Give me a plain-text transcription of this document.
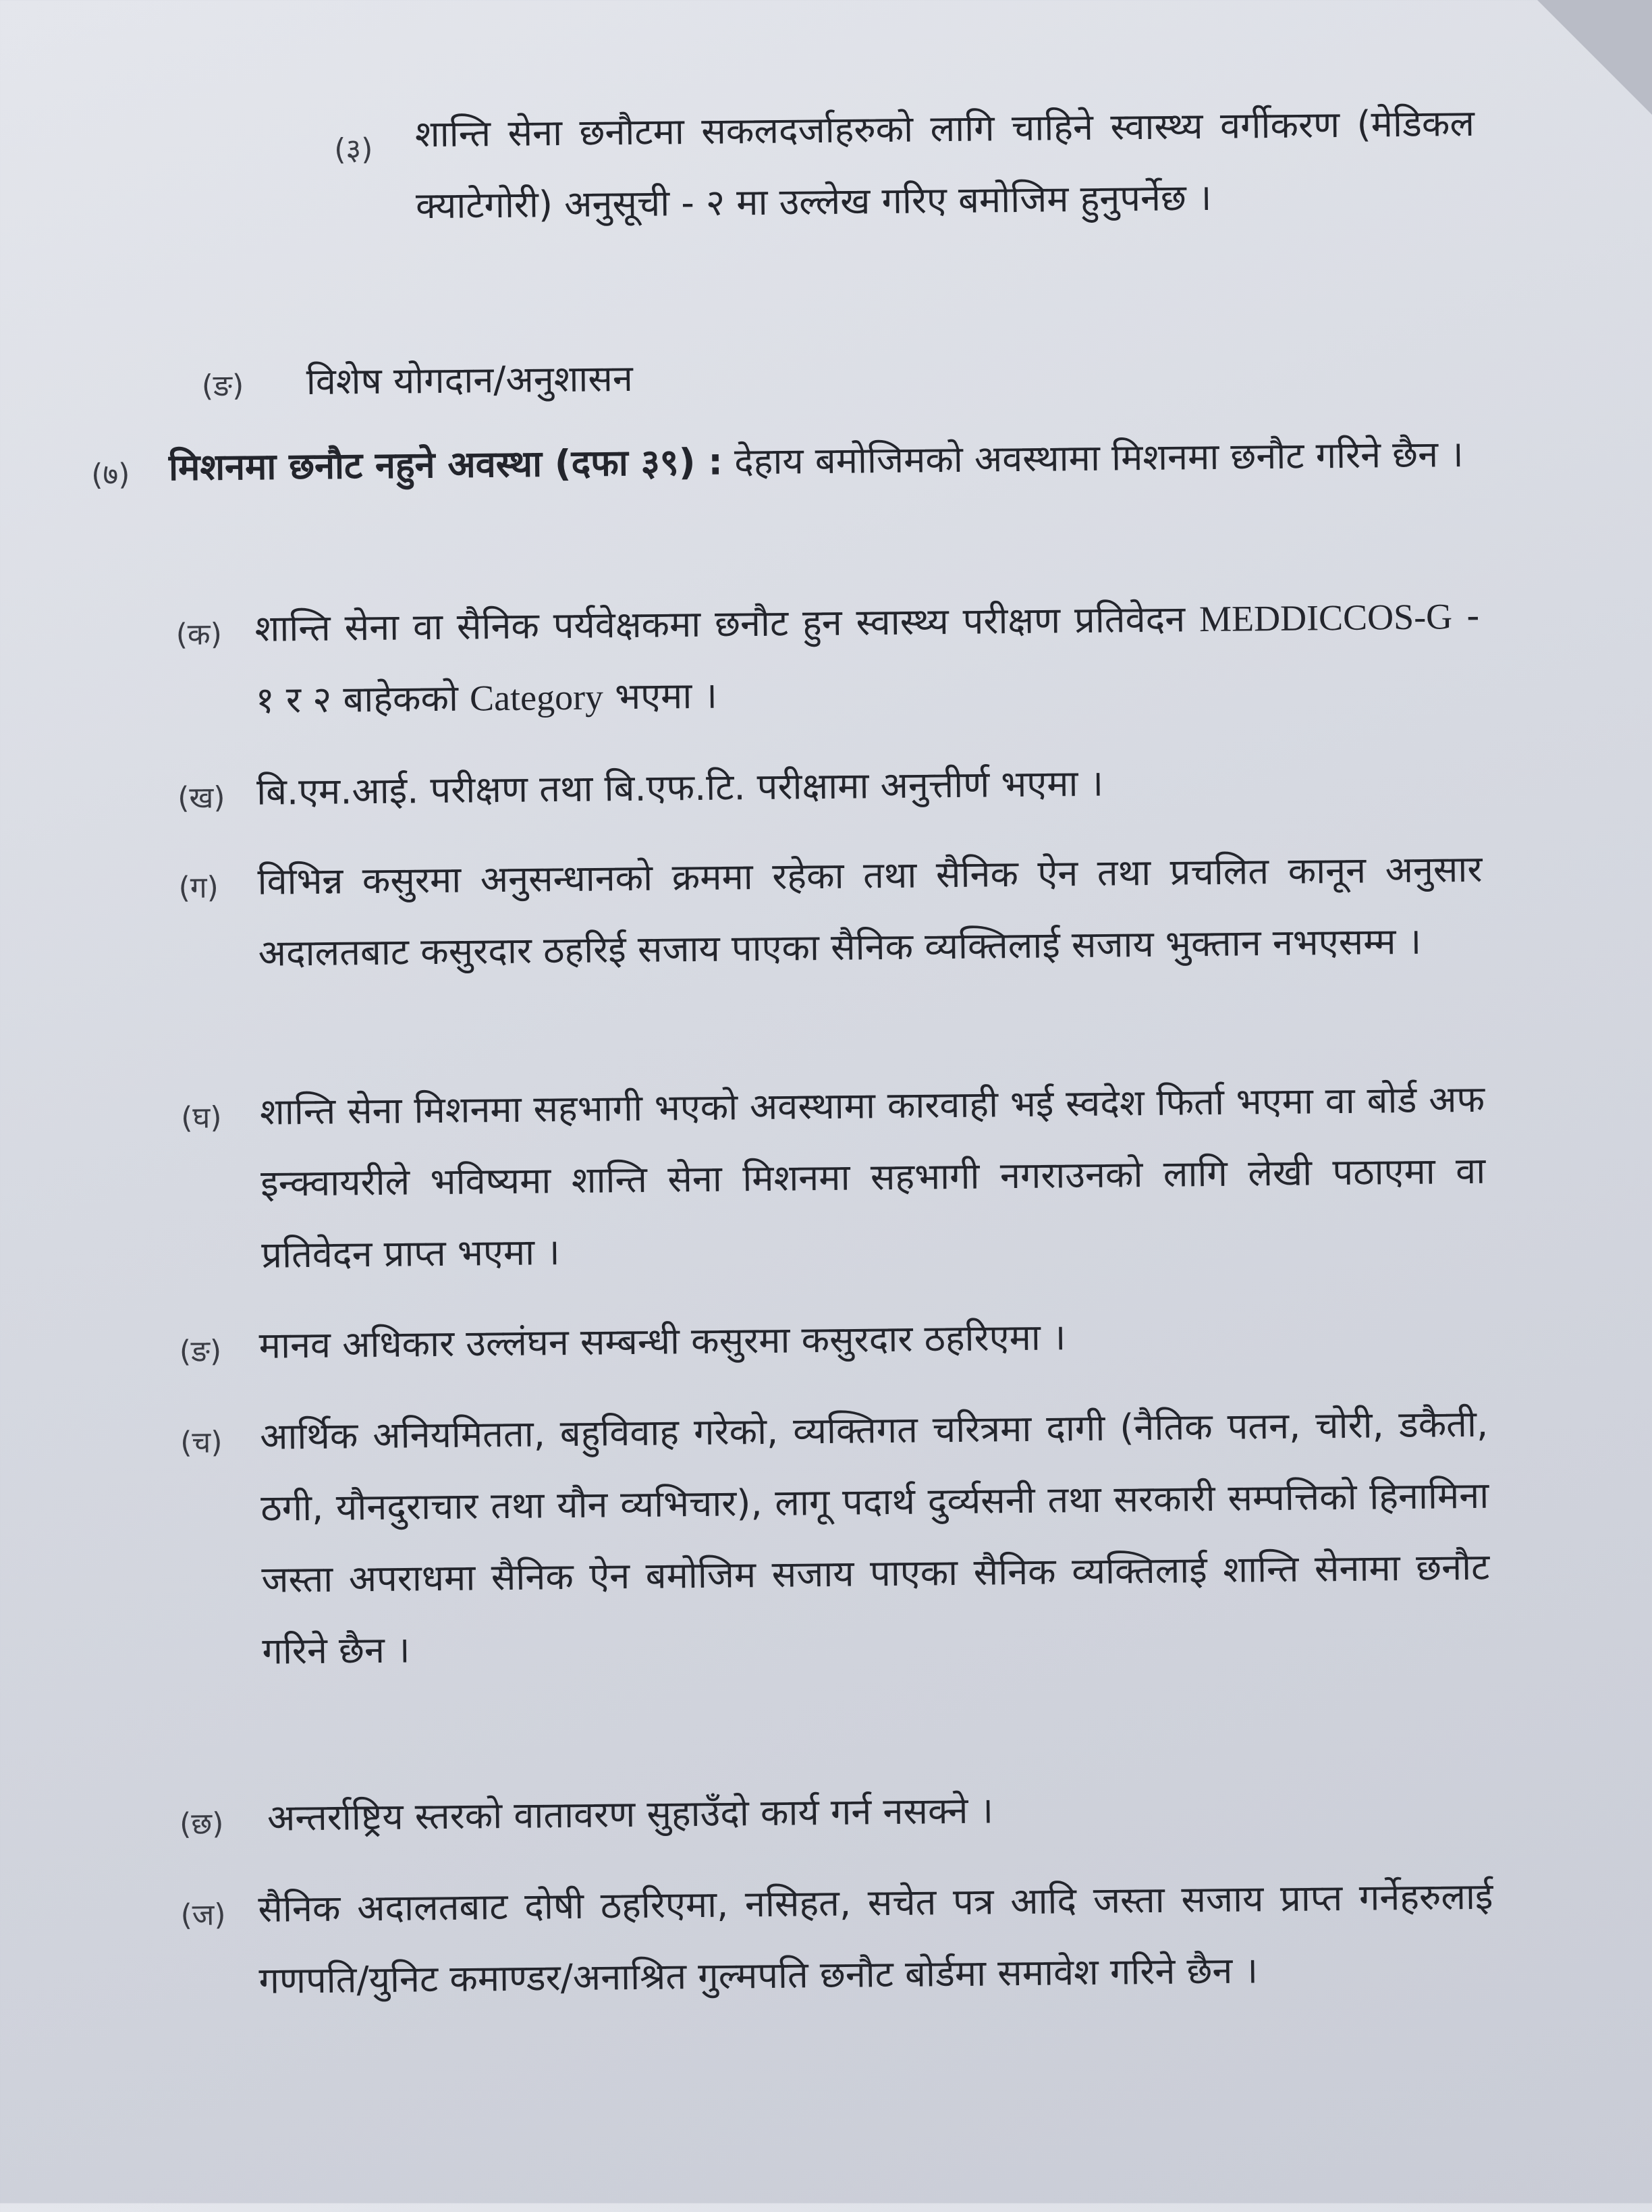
(३) शान्ति सेना छनौटमा सकलदर्जाहरुको लागि चाहिने स्वास्थ्य वर्गीकरण (मेडिकल क्याटेगोरी) अनुसूची - २ मा उल्लेख गरिए बमोजिम हुनुपर्नेछ ।
(ङ) विशेष योगदान/अनुशासन
(७) मिशनमा छनौट नहुने अवस्था (दफा ३९) : देहाय बमोजिमको अवस्थामा मिशनमा छनौट गरिने छैन ।
(क) शान्ति सेना वा सैनिक पर्यवेक्षकमा छनौट हुन स्वास्थ्य परीक्षण प्रतिवेदन MEDDICCOS-G - १ र २ बाहेकको Category भएमा ।
(ख) बि.एम.आई. परीक्षण तथा बि.एफ.टि. परीक्षामा अनुत्तीर्ण भएमा ।
(ग) विभिन्न कसुरमा अनुसन्धानको क्रममा रहेका तथा सैनिक ऐन तथा प्रचलित कानून अनुसार अदालतबाट कसुरदार ठहरिई सजाय पाएका सैनिक व्यक्तिलाई सजाय भुक्तान नभएसम्म ।
(घ) शान्ति सेना मिशनमा सहभागी भएको अवस्थामा कारवाही भई स्वदेश फिर्ता भएमा वा बोर्ड अफ इन्क्वायरीले भविष्यमा शान्ति सेना मिशनमा सहभागी नगराउनको लागि लेखी पठाएमा वा प्रतिवेदन प्राप्त भएमा ।
(ङ) मानव अधिकार उल्लंघन सम्बन्धी कसुरमा कसुरदार ठहरिएमा ।
(च) आर्थिक अनियमितता, बहुविवाह गरेको, व्यक्तिगत चरित्रमा दागी (नैतिक पतन, चोरी, डकैती, ठगी, यौनदुराचार तथा यौन व्यभिचार), लागू पदार्थ दुर्व्यसनी तथा सरकारी सम्पत्तिको हिनामिना जस्ता अपराधमा सैनिक ऐन बमोजिम सजाय पाएका सैनिक व्यक्तिलाई शान्ति सेनामा छनौट गरिने छैन ।
(छ) अन्तर्राष्ट्रिय स्तरको वातावरण सुहाउँदो कार्य गर्न नसक्ने ।
(ज) सैनिक अदालतबाट दोषी ठहरिएमा, नसिहत, सचेत पत्र आदि जस्ता सजाय प्राप्त गर्नेहरुलाई गणपति/युनिट कमाण्डर/अनाश्रित गुल्मपति छनौट बोर्डमा समावेश गरिने छैन ।
